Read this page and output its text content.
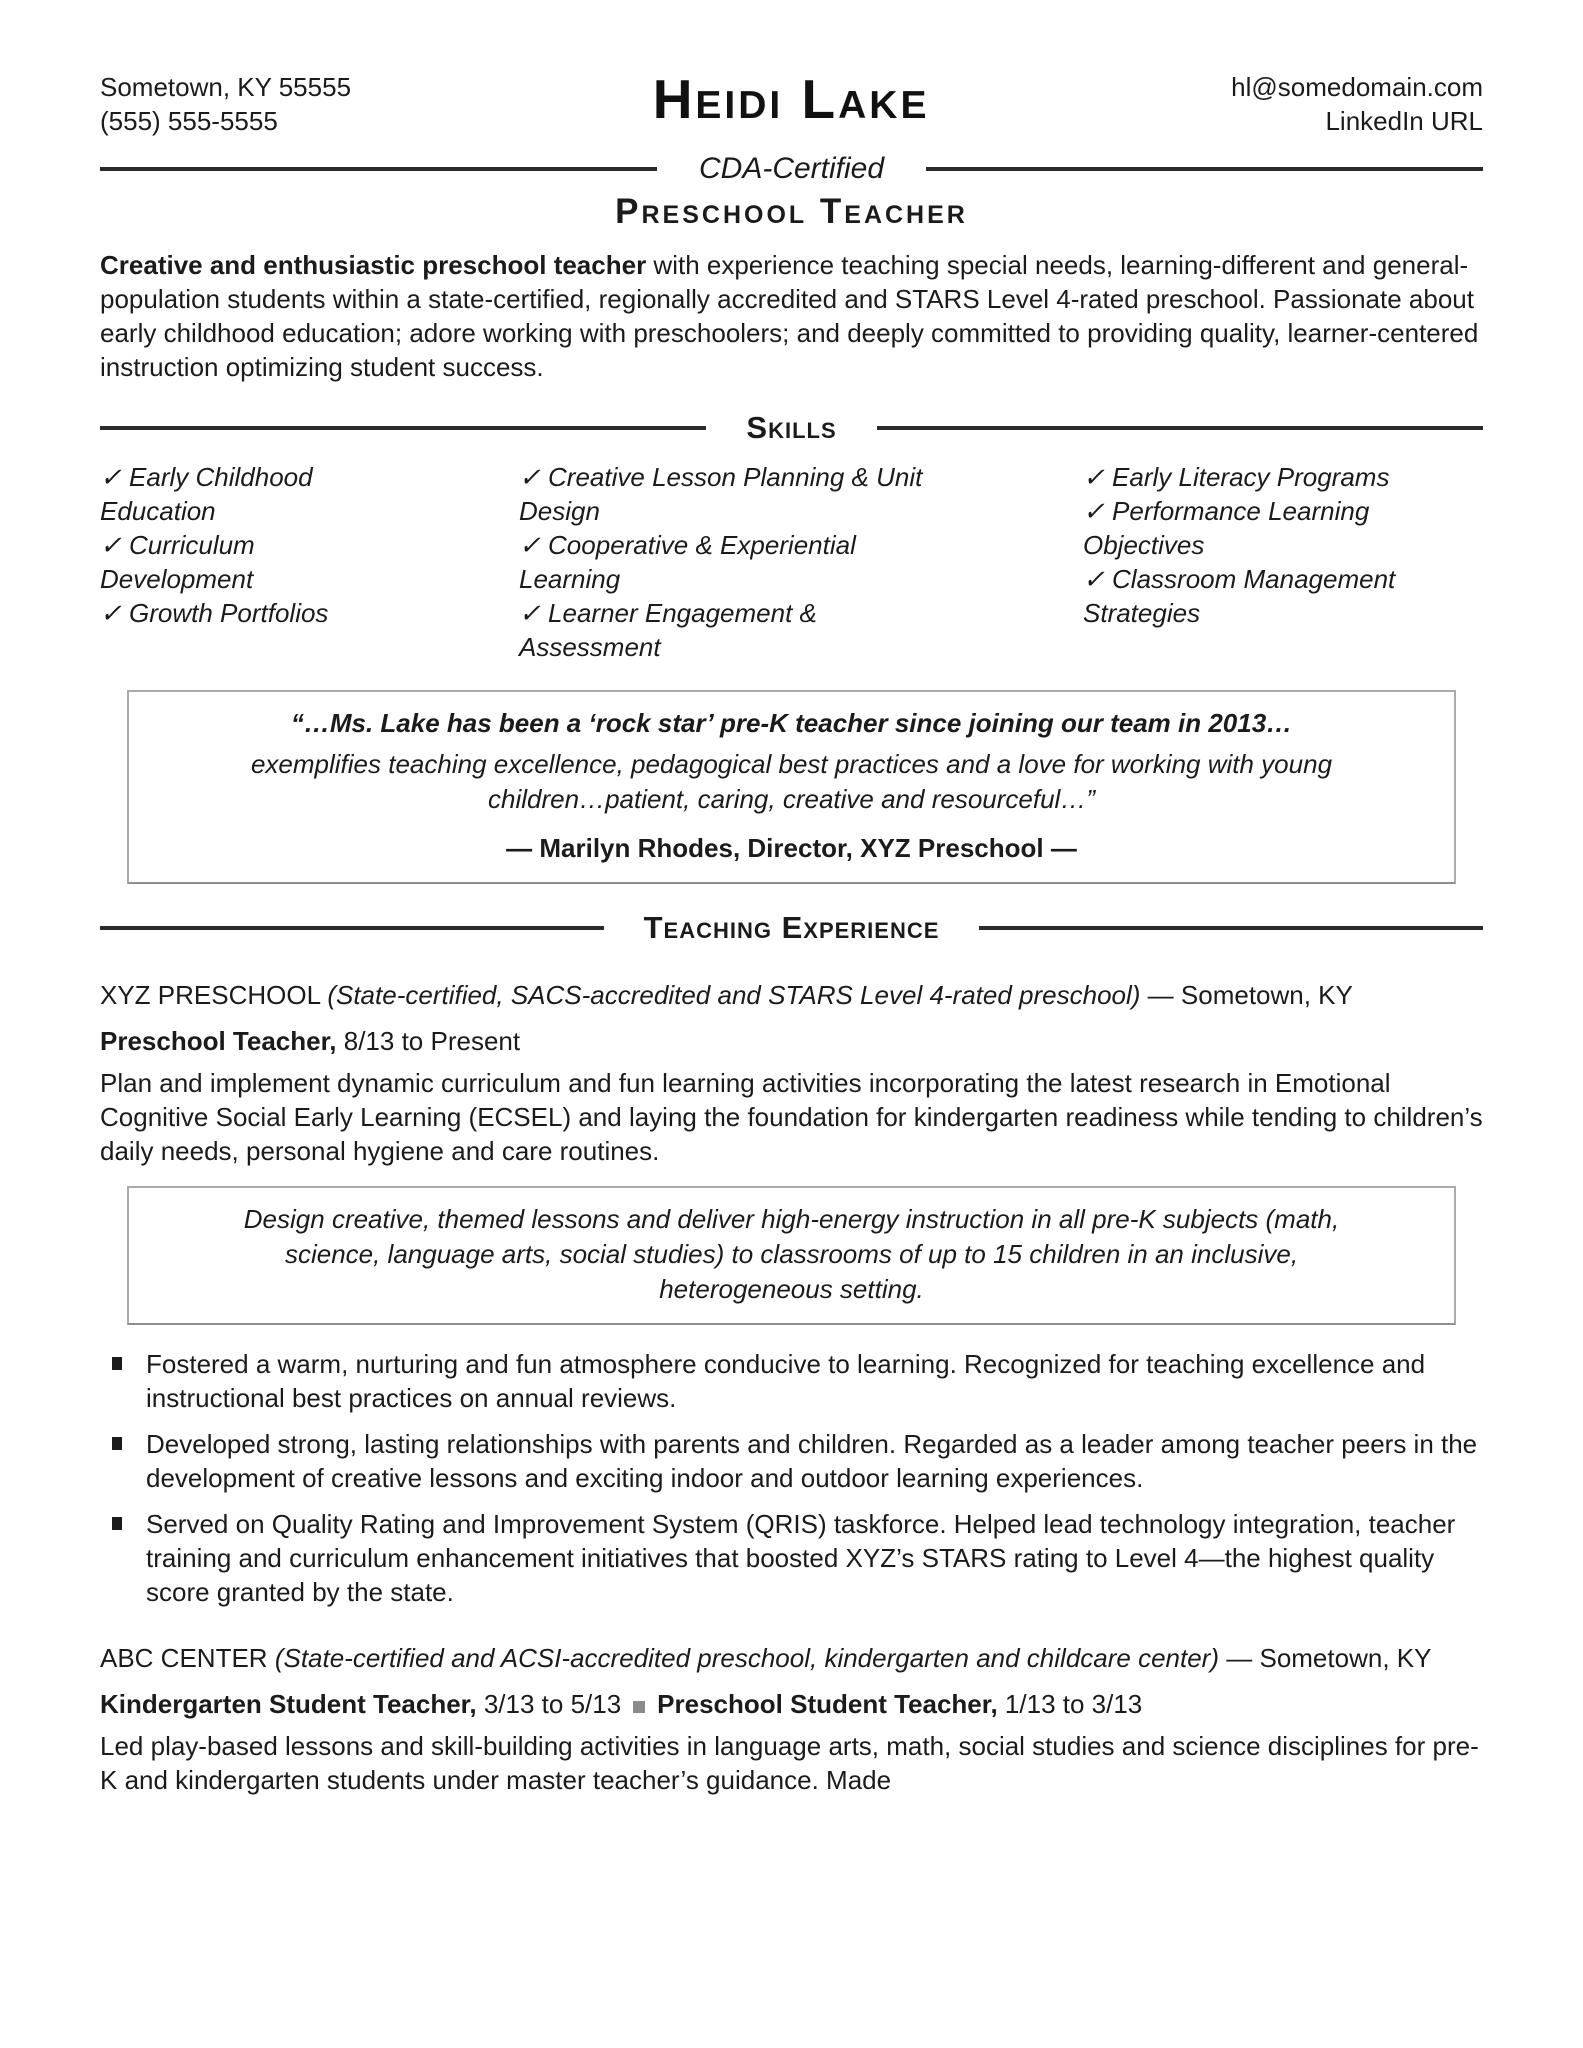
Sometown, KY 55555
(555) 555-5555	Heidi Lake	hl@somedomain.com
LinkedIn URL
CDA-Certified
Preschool Teacher

Creative and enthusiastic preschool teacher with experience teaching special needs, learning-different and general-population students within a state-certified, regionally accredited and STARS Level 4-rated preschool. Passionate about early childhood education; adore working with preschoolers; and deeply committed to providing quality, learner-centered instruction optimizing student success.

Skills
✓ Early Childhood Education
✓ Curriculum Development
✓ Growth Portfolios
✓ Creative Lesson Planning & Unit Design
✓ Cooperative & Experiential Learning
✓ Learner Engagement & Assessment
✓ Early Literacy Programs
✓ Performance Learning Objectives
✓ Classroom Management Strategies

“…Ms. Lake has been a ‘rock star’ pre-K teacher since joining our team in 2013…

exemplifies teaching excellence, pedagogical best practices and a love for working with young children…patient, caring, creative and resourceful…”

— Marilyn Rhodes, Director, XYZ Preschool —

Teaching Experience

XYZ PRESCHOOL (State-certified, SACS-accredited and STARS Level 4-rated preschool) — Sometown, KY

Preschool Teacher, 8/13 to Present

Plan and implement dynamic curriculum and fun learning activities incorporating the latest research in Emotional Cognitive Social Early Learning (ECSEL) and laying the foundation for kindergarten readiness while tending to children’s daily needs, personal hygiene and care routines.

Design creative, themed lessons and deliver high-energy instruction in all pre-K subjects (math, science, language arts, social studies) to classrooms of up to 15 children in an inclusive, heterogeneous setting.

Fostered a warm, nurturing and fun atmosphere conducive to learning. Recognized for teaching excellence and instructional best practices on annual reviews.

Developed strong, lasting relationships with parents and children. Regarded as a leader among teacher peers in the development of creative lessons and exciting indoor and outdoor learning experiences.

Served on Quality Rating and Improvement System (QRIS) taskforce. Helped lead technology integration, teacher training and curriculum enhancement initiatives that boosted XYZ’s STARS rating to Level 4—the highest quality score granted by the state.

ABC CENTER (State-certified and ACSI-accredited preschool, kindergarten and childcare center) — Sometown, KY

Kindergarten Student Teacher, 3/13 to 5/13 Preschool Student Teacher, 1/13 to 3/13

Led play-based lessons and skill-building activities in language arts, math, social studies and science disciplines for pre-K and kindergarten students under master teacher’s guidance. Made
